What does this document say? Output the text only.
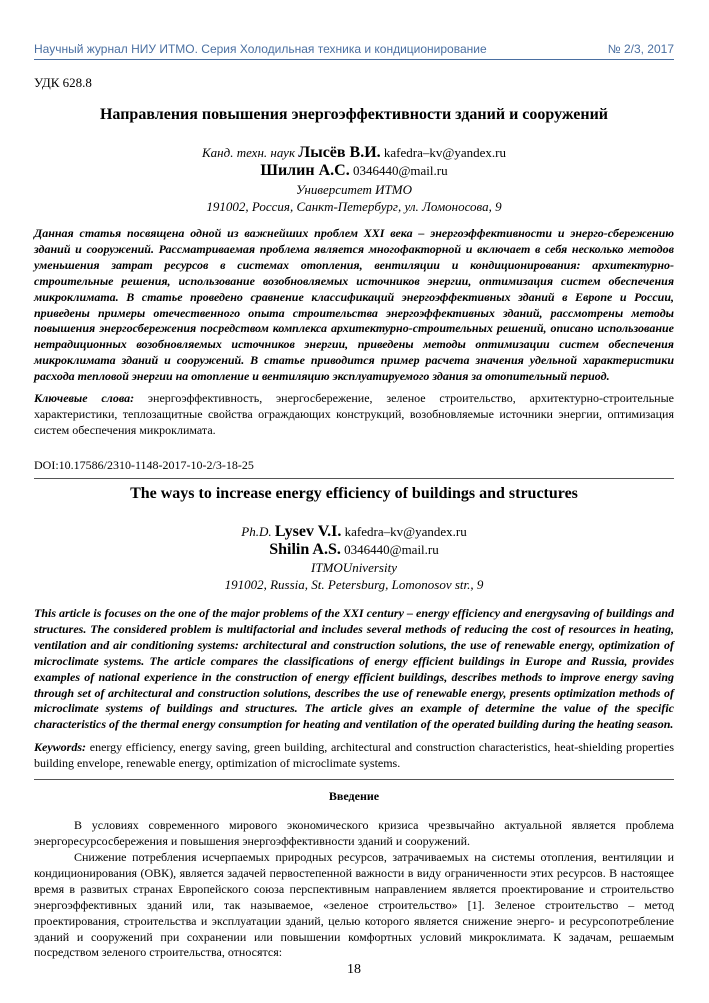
Научный журнал НИУ ИТМО. Серия Холодильная техника и кондиционирование	№ 2/3, 2017
УДК 628.8
Направления повышения энергоэффективности зданий и сооружений
Канд. техн. наук Лысёв В.И. kafedra–kv@yandex.ru
Шилин А.С. 0346440@mail.ru
Университет ИТМО
191002, Россия, Санкт-Петербург, ул. Ломоносова, 9

Данная статья посвящена одной из важнейших проблем XXI века – энергоэффективности и энерго-сбережению зданий и сооружений. Рассматриваемая проблема является многофакторной и включает в себя несколько методов уменьшения затрат ресурсов в системах отопления, вентиляции и кондиционирования: архитектурно-строительные решения, использование возобновляемых источников энергии, оптимизация систем обеспечения микроклимата. В статье проведено сравнение классификаций энергоэффективных зданий в Европе и России, приведены примеры отечественного опыта строительства энергоэффективных зданий, рассмотрены методы повышения энергосбережения посредством комплекса архитектурно-строительных решений, описано использование нетрадиционных возобновляемых источников энергии, приведены методы оптимизации систем обеспечения микроклимата зданий и сооружений. В статье приводится пример расчета значения удельной характеристики расхода тепловой энергии на отопление и вентиляцию эксплуатируемого здания за отопительный период.

Ключевые слова: энергоэффективность, энергосбережение, зеленое строительство, архитектурно-строительные характеристики, теплозащитные свойства ограждающих конструкций, возобновляемые источники энергии, оптимизация систем обеспечения микроклимата.

DOI:10.17586/2310-1148-2017-10-2/3-18-25
The ways to increase energy efficiency of buildings and structures
Ph.D. Lysev V.I. kafedra–kv@yandex.ru
Shilin A.S. 0346440@mail.ru
ITMOUniversity
191002, Russia, St. Petersburg, Lomonosov str., 9

This article is focuses on the one of the major problems of the XXI century – energy efficiency and energysaving of buildings and structures. The considered problem is multifactorial and includes several methods of reducing the cost of resources in heating, ventilation and air conditioning systems: architectural and construction solutions, the use of renewable energy, optimization of microclimate systems. The article compares the classifications of energy efficient buildings in Europe and Russia, provides examples of national experience in the construction of energy efficient buildings, describes methods to improve energy saving through set of architectural and construction solutions, describes the use of renewable energy, presents optimization methods of microclimate systems of buildings and structures. The article gives an example of determine the value of the specific characteristics of the thermal energy consumption for heating and ventilation of the operated building during the heating season.

Keywords: energy efficiency, energy saving, green building, architectural and construction characteristics, heat-shielding properties building envelope, renewable energy, optimization of microclimate systems.

Введение

В условиях современного мирового экономического кризиса чрезвычайно актуальной является проблема энергоресурсосбережения и повышения энергоэффективности зданий и сооружений.

Снижение потребления исчерпаемых природных ресурсов, затрачиваемых на системы отопления, вентиляции и кондиционирования (ОВК), является задачей первостепенной важности в виду ограниченности этих ресурсов. В настоящее время в развитых странах Европейского союза перспективным направлением является проектирование и строительство энергоэффективных зданий или, так называемое, «зеленое строительство» [1]. Зеленое строительство – метод проектирования, строительства и эксплуатации зданий, целью которого является снижение энерго- и ресурсопотребление зданий и сооружений при сохранении или повышении комфортных условий микроклимата. К задачам, решаемым посредством зеленого строительства, относятся:

18
